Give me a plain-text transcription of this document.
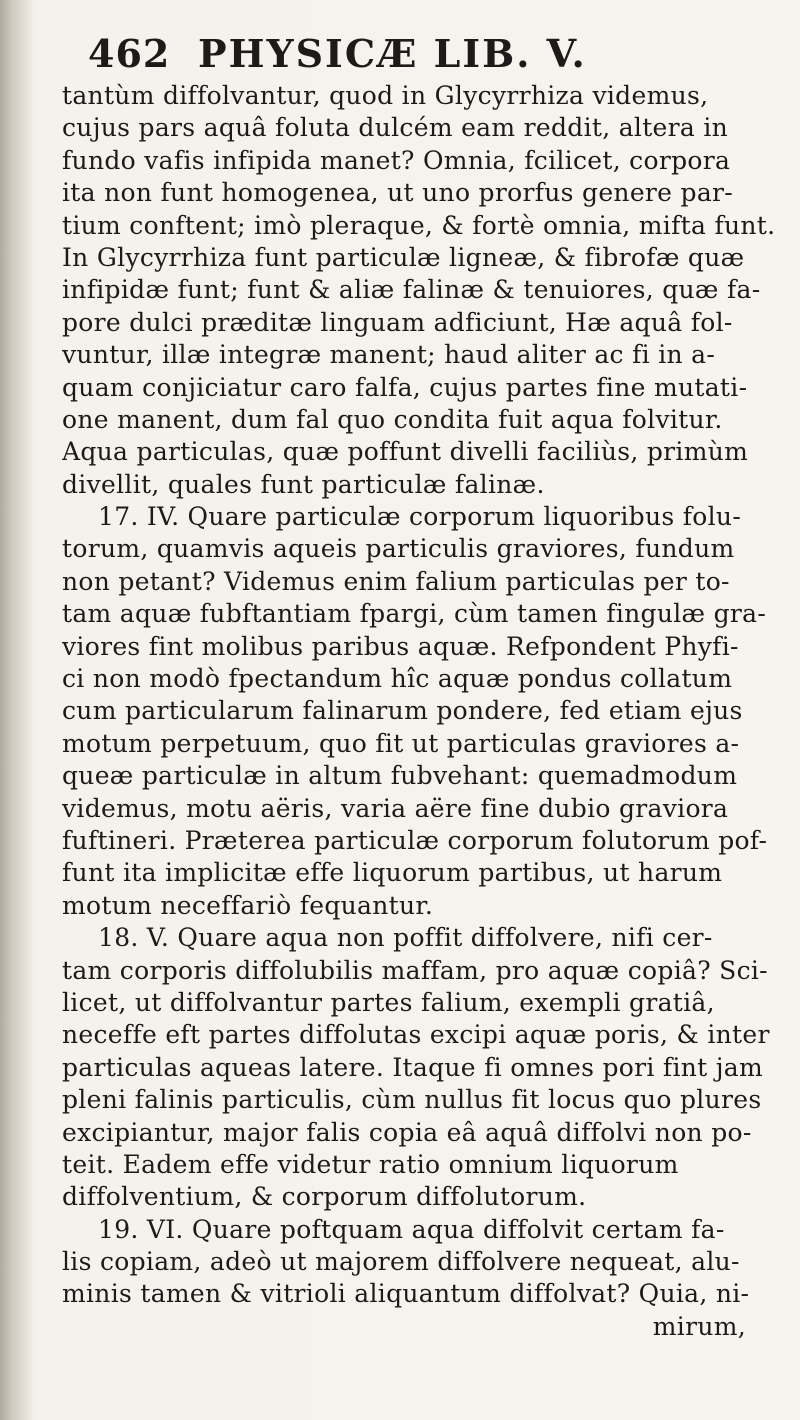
462 PHYSICÆ LIB. V.
tantùm diffolvantur, quod in Glycyrrhiza videmus,
cujus pars aquâ foluta dulcém eam reddit, altera in
fundo vafis infipida manet? Omnia, fcilicet, corpora
ita non funt homogenea, ut uno prorfus genere par-
tium conftent; imò pleraque, & fortè omnia, mifta funt.
In Glycyrrhiza funt particulæ ligneæ, & fibrofæ quæ
infipidæ funt; funt & aliæ falinæ & tenuiores, quæ fa-
pore dulci præditæ linguam adficiunt, Hæ aquâ fol-
vuntur, illæ integræ manent; haud aliter ac fi in a-
quam conjiciatur caro falfa, cujus partes fine mutati-
one manent, dum fal quo condita fuit aqua folvitur.
Aqua particulas, quæ poffunt divelli faciliùs, primùm
divellit, quales funt particulæ falinæ.
17. IV. Quare particulæ corporum liquoribus folu-
torum, quamvis aqueis particulis graviores, fundum
non petant? Videmus enim falium particulas per to-
tam aquæ fubftantiam fpargi, cùm tamen fingulæ gra-
viores fint molibus paribus aquæ. Refpondent Phyfi-
ci non modò fpectandum hîc aquæ pondus collatum
cum particularum falinarum pondere, fed etiam ejus
motum perpetuum, quo fit ut particulas graviores a-
queæ particulæ in altum fubvehant: quemadmodum
videmus, motu aëris, varia aëre fine dubio graviora
fuftineri. Præterea particulæ corporum folutorum pof-
funt ita implicitæ effe liquorum partibus, ut harum
motum neceffariò fequantur.
18. V. Quare aqua non poffit diffolvere, nifi cer-
tam corporis diffolubilis maffam, pro aquæ copiâ? Sci-
licet, ut diffolvantur partes falium, exempli gratiâ,
neceffe eft partes diffolutas excipi aquæ poris, & inter
particulas aqueas latere. Itaque fi omnes pori fint jam
pleni falinis particulis, cùm nullus fit locus quo plures
excipiantur, major falis copia eâ aquâ diffolvi non po-
teit. Eadem effe videtur ratio omnium liquorum
diffolventium, & corporum diffolutorum.
19. VI. Quare poftquam aqua diffolvit certam fa-
lis copiam, adeò ut majorem diffolvere nequeat, alu-
minis tamen & vitrioli aliquantum diffolvat? Quia, ni-
mirum,
